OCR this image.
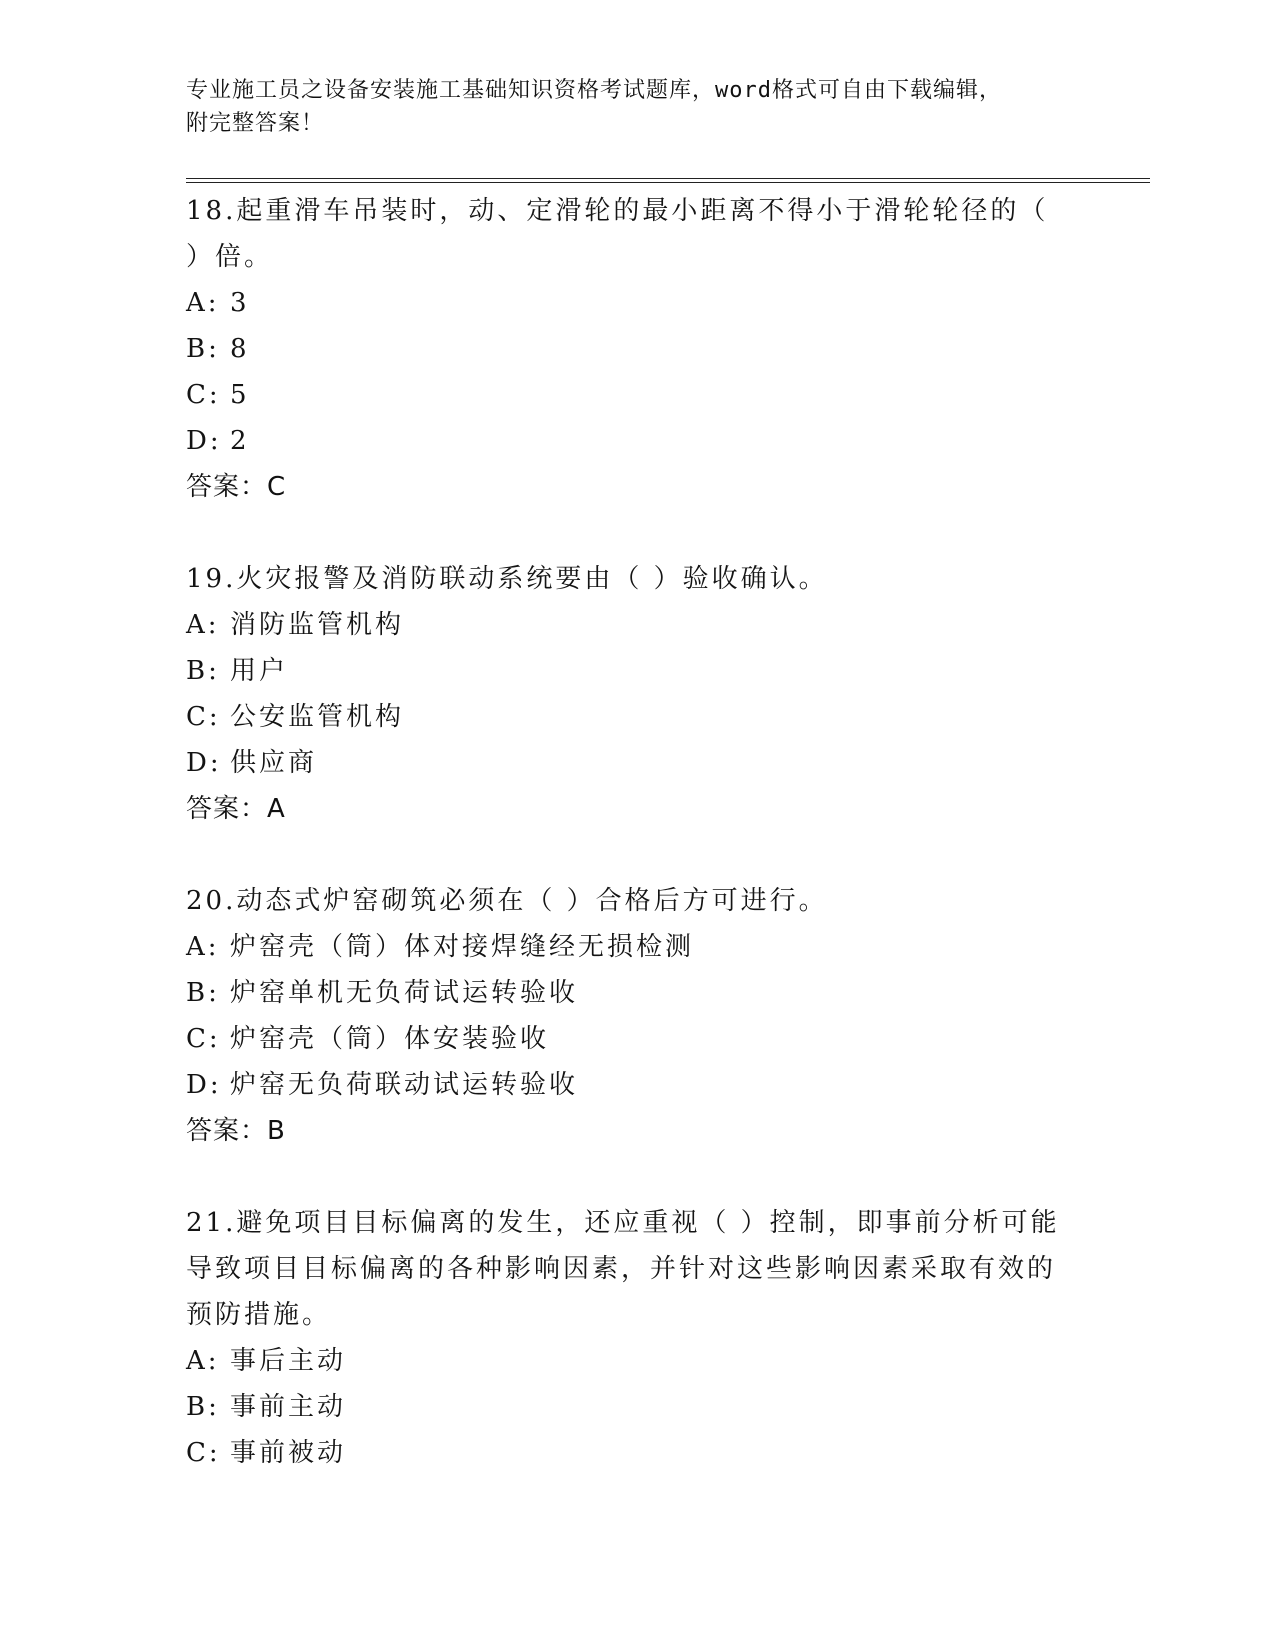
专业施工员之设备安装施工基础知识资格考试题库，word格式可自由下载编辑，
附完整答案！

18.起重滑车吊装时，动、定滑轮的最小距离不得小于滑轮轮径的（

）倍。

A: 3

B: 8

C: 5

D: 2

答案：C

19.火灾报警及消防联动系统要由（ ）验收确认。

A: 消防监管机构

B: 用户

C: 公安监管机构

D: 供应商

答案：A

20.动态式炉窑砌筑必须在（ ）合格后方可进行。

A: 炉窑壳（筒）体对接焊缝经无损检测

B: 炉窑单机无负荷试运转验收

C: 炉窑壳（筒）体安装验收

D: 炉窑无负荷联动试运转验收

答案：B

21.避免项目目标偏离的发生，还应重视（ ）控制，即事前分析可能

导致项目目标偏离的各种影响因素，并针对这些影响因素采取有效的

预防措施。

A: 事后主动

B: 事前主动

C: 事前被动
